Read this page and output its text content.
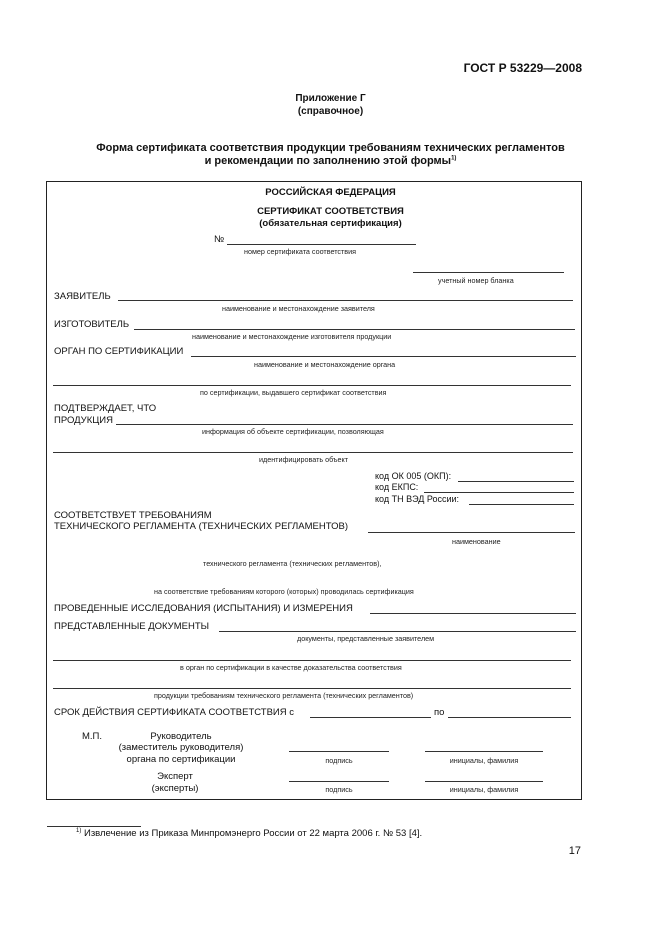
ГОСТ Р 53229—2008
Приложение Г
(справочное)
Форма сертификата соответствия продукции требованиям технических регламентов
и рекомендации по заполнению этой формы$^{1)}$
РОССИЙСКАЯ ФЕДЕРАЦИЯ
СЕРТИФИКАТ СООТВЕТСТВИЯ
(обязательная сертификация)
№
номер сертификата соответствия
учетный номер бланка
ЗАЯВИТЕЛЬ
наименование и местонахождение заявителя
ИЗГОТОВИТЕЛЬ
наименование и местонахождение изготовителя продукции
ОРГАН ПО СЕРТИФИКАЦИИ
наименование и местонахождение органа
по сертификации, выдавшего сертификат соответствия
ПОДТВЕРЖДАЕТ, ЧТО
ПРОДУКЦИЯ
информация об объекте сертификации, позволяющая
идентифицировать объект
код ОК 005 (ОКП):
код ЕКПС:
код ТН ВЭД России:
СООТВЕТСТВУЕТ ТРЕБОВАНИЯМ
ТЕХНИЧЕСКОГО РЕГЛАМЕНТА (ТЕХНИЧЕСКИХ РЕГЛАМЕНТОВ)
наименование
технического регламента (технических регламентов),
на соответствие требованиям которого (которых) проводилась сертификация
ПРОВЕДЕННЫЕ ИССЛЕДОВАНИЯ (ИСПЫТАНИЯ) И ИЗМЕРЕНИЯ
ПРЕДСТАВЛЕННЫЕ ДОКУМЕНТЫ
документы, представленные заявителем
в орган по сертификации в качестве доказательства соответствия
продукции требованиям технического регламента (технических регламентов)
СРОК ДЕЙСТВИЯ СЕРТИФИКАТА СООТВЕТСТВИЯ с	по
М.П.	Руководитель
(заместитель руководителя)
органа по сертификации	подпись	инициалы, фамилия
Эксперт
(эксперты)	подпись	инициалы, фамилия
$^{1)}$ Извлечение из Приказа Минпромэнерго России от 22 марта 2006 г. № 53 [4].
17
